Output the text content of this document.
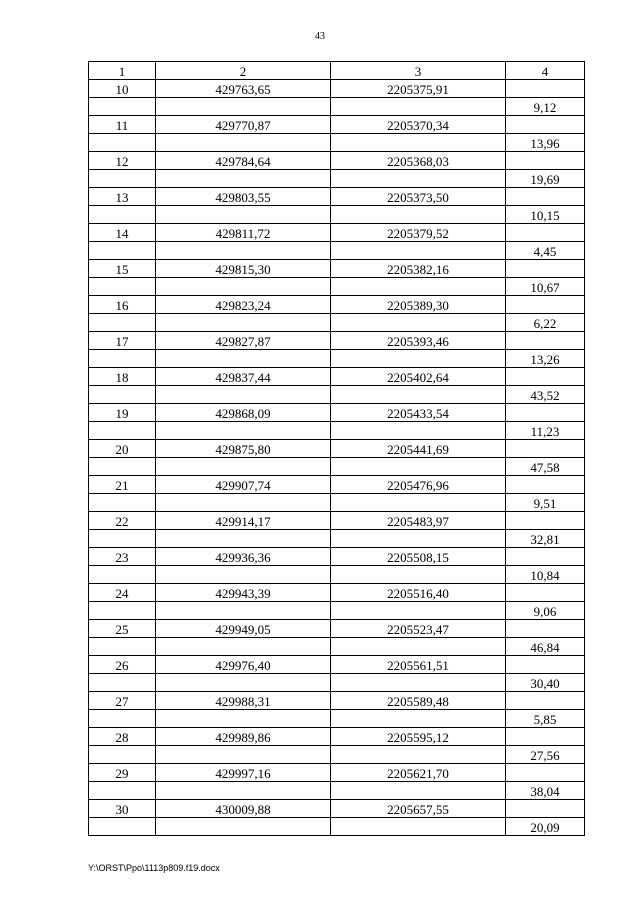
43
1	2	3	4
10	429763,65	2205375,91	
			9,12
11	429770,87	2205370,34	
			13,96
12	429784,64	2205368,03	
			19,69
13	429803,55	2205373,50	
			10,15
14	429811,72	2205379,52	
			4,45
15	429815,30	2205382,16	
			10,67
16	429823,24	2205389,30	
			6,22
17	429827,87	2205393,46	
			13,26
18	429837,44	2205402,64	
			43,52
19	429868,09	2205433,54	
			11,23
20	429875,80	2205441,69	
			47,58
21	429907,74	2205476,96	
			9,51
22	429914,17	2205483,97	
			32,81
23	429936,36	2205508,15	
			10,84
24	429943,39	2205516,40	
			9,06
25	429949,05	2205523,47	
			46,84
26	429976,40	2205561,51	
			30,40
27	429988,31	2205589,48	
			5,85
28	429989,86	2205595,12	
			27,56
29	429997,16	2205621,70	
			38,04
30	430009,88	2205657,55	
			20,09
Y:\ORST\Ppo\1113p809.f19.docx
